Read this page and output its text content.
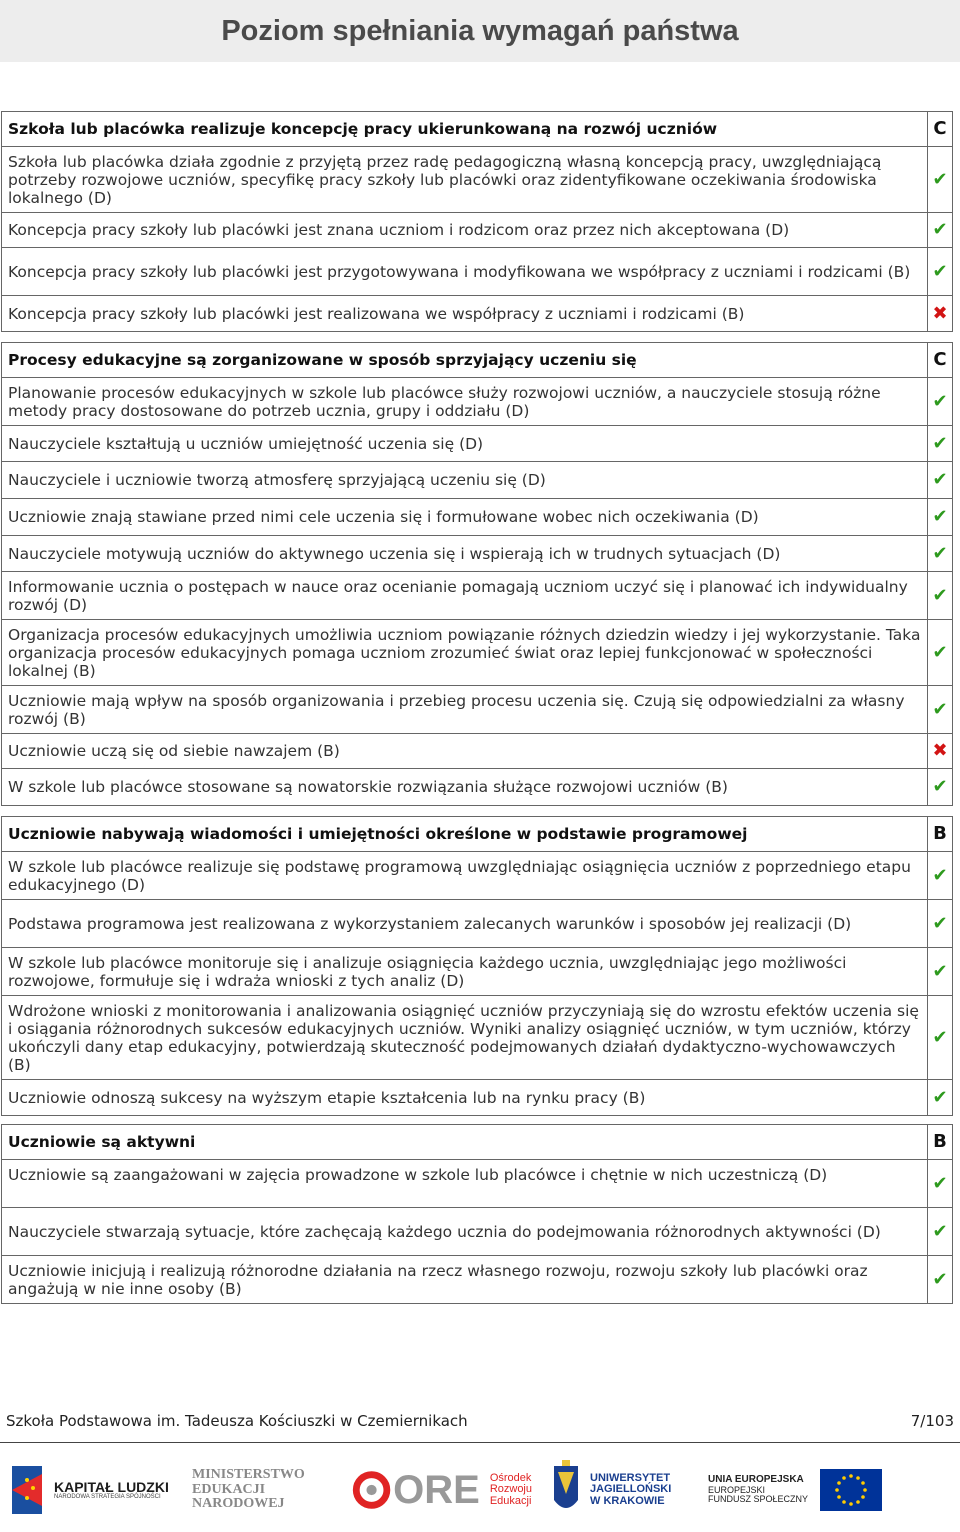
Poziom spełniania wymagań państwa
Szkoła lub placówka realizuje koncepcję pracy ukierunkowaną na rozwój uczniów	C
Szkoła lub placówka działa zgodnie z przyjętą przez radę pedagogiczną własną koncepcją pracy, uwzględniającą potrzeby rozwojowe uczniów, specyfikę pracy szkoły lub placówki oraz zidentyfikowane oczekiwania środowiska lokalnego (D)	✔
Koncepcja pracy szkoły lub placówki jest znana uczniom i rodzicom oraz przez nich akceptowana (D)	✔
Koncepcja pracy szkoły lub placówki jest przygotowywana i modyfikowana we współpracy z uczniami i rodzicami (B)	✔
Koncepcja pracy szkoły lub placówki jest realizowana we współpracy z uczniami i rodzicami (B)	✖
Procesy edukacyjne są zorganizowane w sposób sprzyjający uczeniu się	C
Planowanie procesów edukacyjnych w szkole lub placówce służy rozwojowi uczniów, a nauczyciele stosują różne metody pracy dostosowane do potrzeb ucznia, grupy i oddziału (D)	✔
Nauczyciele kształtują u uczniów umiejętność uczenia się (D)	✔
Nauczyciele i uczniowie tworzą atmosferę sprzyjającą uczeniu się (D)	✔
Uczniowie znają stawiane przed nimi cele uczenia się i formułowane wobec nich oczekiwania (D)	✔
Nauczyciele motywują uczniów do aktywnego uczenia się i wspierają ich w trudnych sytuacjach (D)	✔
Informowanie ucznia o postępach w nauce oraz ocenianie pomagają uczniom uczyć się i planować ich indywidualny rozwój (D)	✔
Organizacja procesów edukacyjnych umożliwia uczniom powiązanie różnych dziedzin wiedzy i jej wykorzystanie. Taka organizacja procesów edukacyjnych pomaga uczniom zrozumieć świat oraz lepiej funkcjonować w społeczności lokalnej (B)	✔
Uczniowie mają wpływ na sposób organizowania i przebieg procesu uczenia się. Czują się odpowiedzialni za własny rozwój (B)	✔
Uczniowie uczą się od siebie nawzajem (B)	✖
W szkole lub placówce stosowane są nowatorskie rozwiązania służące rozwojowi uczniów (B)	✔
Uczniowie nabywają wiadomości i umiejętności określone w podstawie programowej	B
W szkole lub placówce realizuje się podstawę programową uwzględniając osiągnięcia uczniów z poprzedniego etapu edukacyjnego (D)	✔
Podstawa programowa jest realizowana z wykorzystaniem zalecanych warunków i sposobów jej realizacji (D)	✔
W szkole lub placówce monitoruje się i analizuje osiągnięcia każdego ucznia, uwzględniając jego możliwości rozwojowe, formułuje się i wdraża wnioski z tych analiz (D)	✔
Wdrożone wnioski z monitorowania i analizowania osiągnięć uczniów przyczyniają się do wzrostu efektów uczenia się i osiągania różnorodnych sukcesów edukacyjnych uczniów. Wyniki analizy osiągnięć uczniów, w tym uczniów, którzy ukończyli dany etap edukacyjny, potwierdzają skuteczność podejmowanych działań dydaktyczno-wychowawczych (B)	✔
Uczniowie odnoszą sukcesy na wyższym etapie kształcenia lub na rynku pracy (B)	✔
Uczniowie są aktywni	B
Uczniowie są zaangażowani w zajęcia prowadzone w szkole lub placówce i chętnie w nich uczestniczą (D)	✔
Nauczyciele stwarzają sytuacje, które zachęcają każdego ucznia do podejmowania różnorodnych aktywności (D)	✔
Uczniowie inicjują i realizują różnorodne działania na rzecz własnego rozwoju, rozwoju szkoły lub placówki oraz angażują w nie inne osoby (B)	✔
Szkoła Podstawowa im. Tadeusza Kościuszki w Czemiernikach	7/103
KAPITAŁ LUDZKI
NARODOWA STRATEGIA SPÓJNOŚCI
MINISTERSTWO
EDUKACJI
NARODOWEJ	ORE Ośrodek
Rozwoju
Edukacji
UNIWERSYTET
JAGIELLOŃSKI
W KRAKOWIE
UNIA EUROPEJSKA
EUROPEJSKI
FUNDUSZ SPOŁECZNY
